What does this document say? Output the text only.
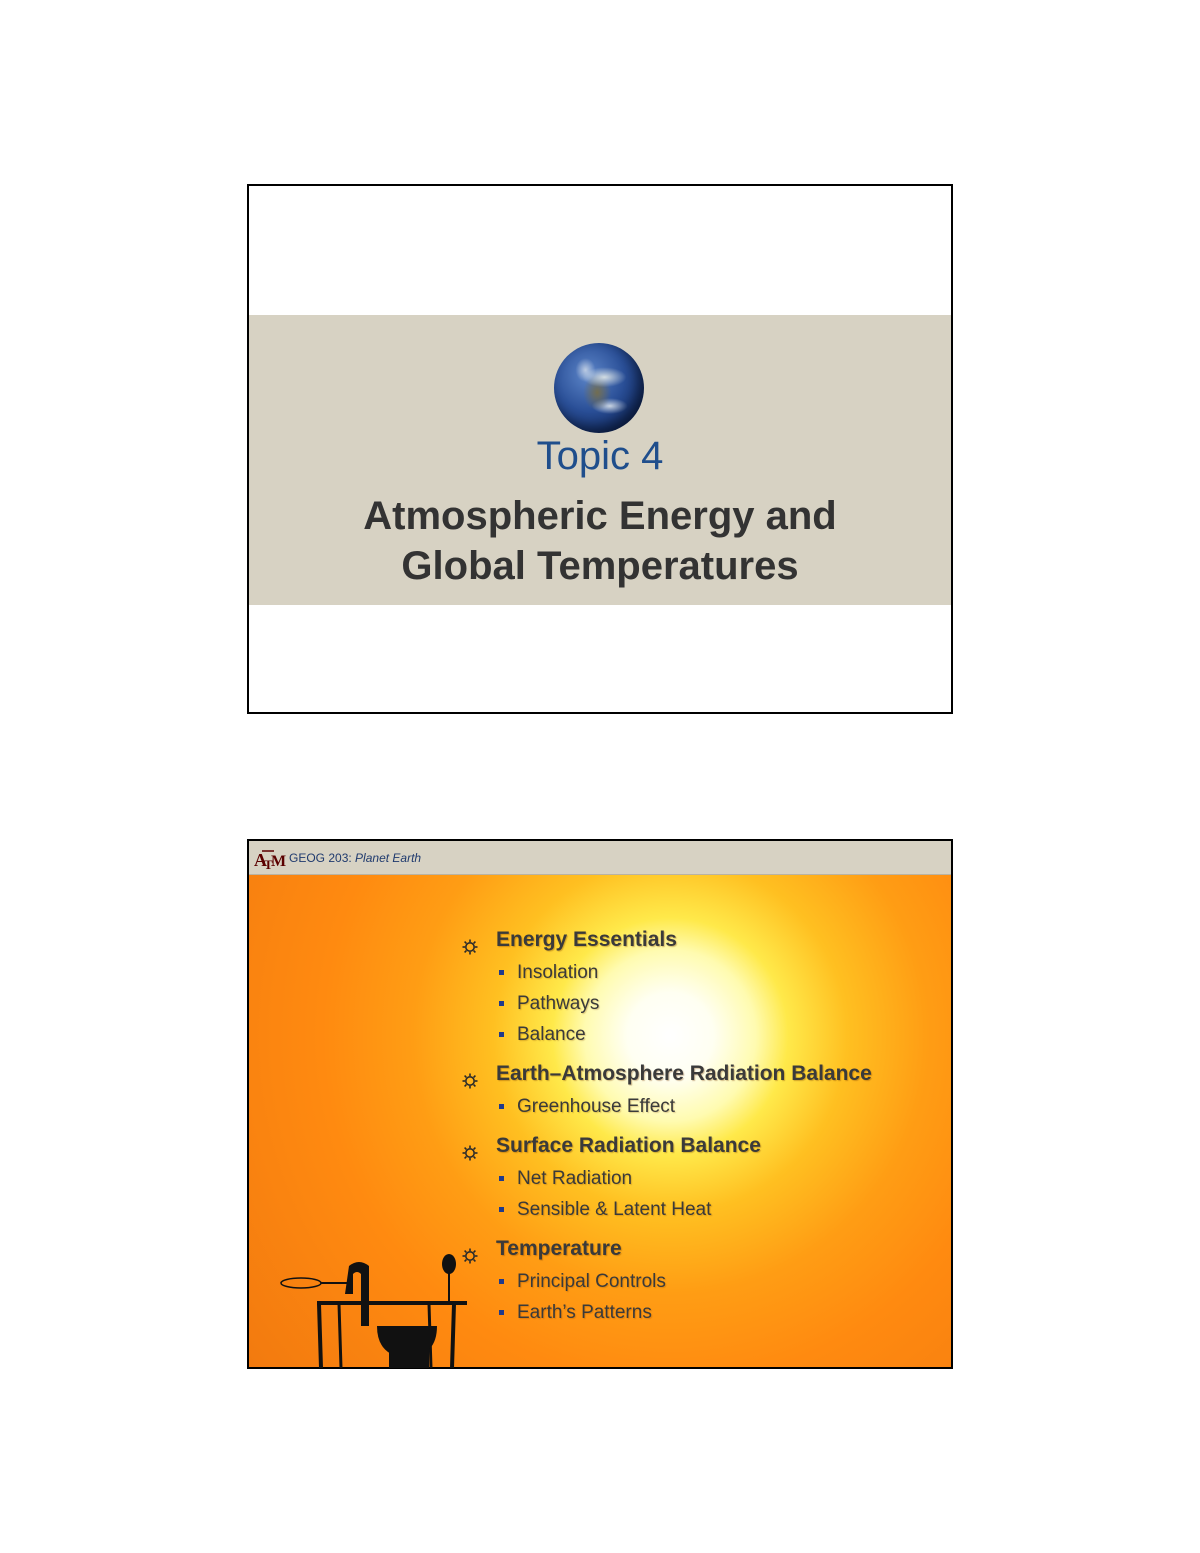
Topic 4
Atmospheric Energy and
Global Temperatures
A
T
M GEOG 203: Planet Earth
Energy Essentials
Insolation
Pathways
Balance
Earth–Atmosphere Radiation Balance
Greenhouse Effect
Surface Radiation Balance
Net Radiation
Sensible & Latent Heat
Temperature
Principal Controls
Earth’s Patterns
